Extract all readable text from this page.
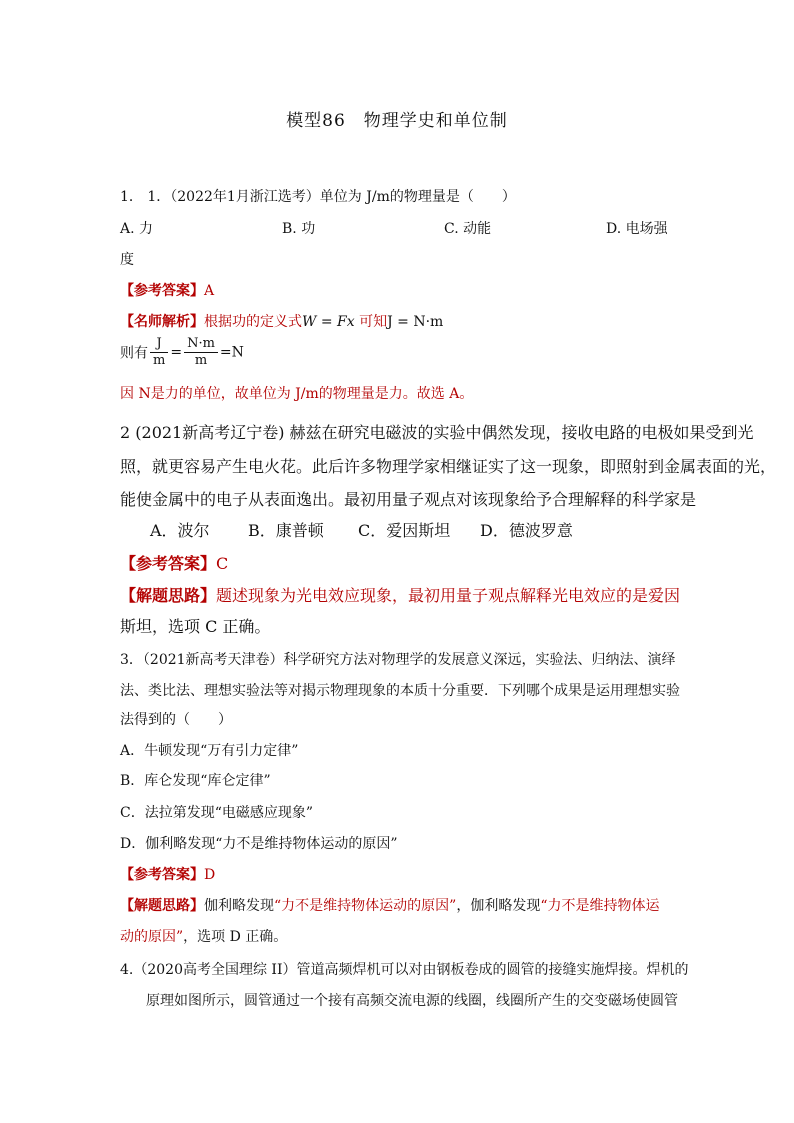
模型86　物理学史和单位制
1． 1．（2022年1月浙江选考）单位为 J/m的物理量是（　　）
A. 力	B. 功	C. 动能	D. 电场强
度
【参考答案】A
【名师解析】根据功的定义式W = Fx 可知J = N·m
则有 $\frac{J}{m} = \frac{N\cdot m}{m} =N$
因 N是力的单位，故单位为 J/m的物理量是力。故选 A。
2 (2021新高考辽宁卷) 赫兹在研究电磁波的实验中偶然发现，接收电路的电极如果受到光
照，就更容易产生电火花。此后许多物理学家相继证实了这一现象，即照射到金属表面的光，
能使金属中的电子从表面逸出。最初用量子观点对该现象给予合理解释的科学家是
A．波尔 B．康普顿 C．爱因斯坦 D．德波罗意
【参考答案】C
【解题思路】题述现象为光电效应现象，最初用量子观点解释光电效应的是爱因
斯坦，选项 C 正确。
3．（2021新高考天津卷）科学研究方法对物理学的发展意义深远，实验法、归纳法、演绎
法、类比法、理想实验法等对揭示物理现象的本质十分重要．下列哪个成果是运用理想实验
法得到的（　　）
A．牛顿发现“万有引力定律”
B．库仑发现“库仑定律”
C．法拉第发现“电磁感应现象”
D．伽利略发现“力不是维持物体运动的原因”
【参考答案】D
【解题思路】伽利略发现“力不是维持物体运动的原因”，伽利略发现“力不是维持物体运
动的原因”，选项 D 正确。
4.（2020高考全国理综 II）管道高频焊机可以对由钢板卷成的圆管的接缝实施焊接。焊机的
原理如图所示，圆管通过一个接有高频交流电源的线圈，线圈所产生的交变磁场使圆管
